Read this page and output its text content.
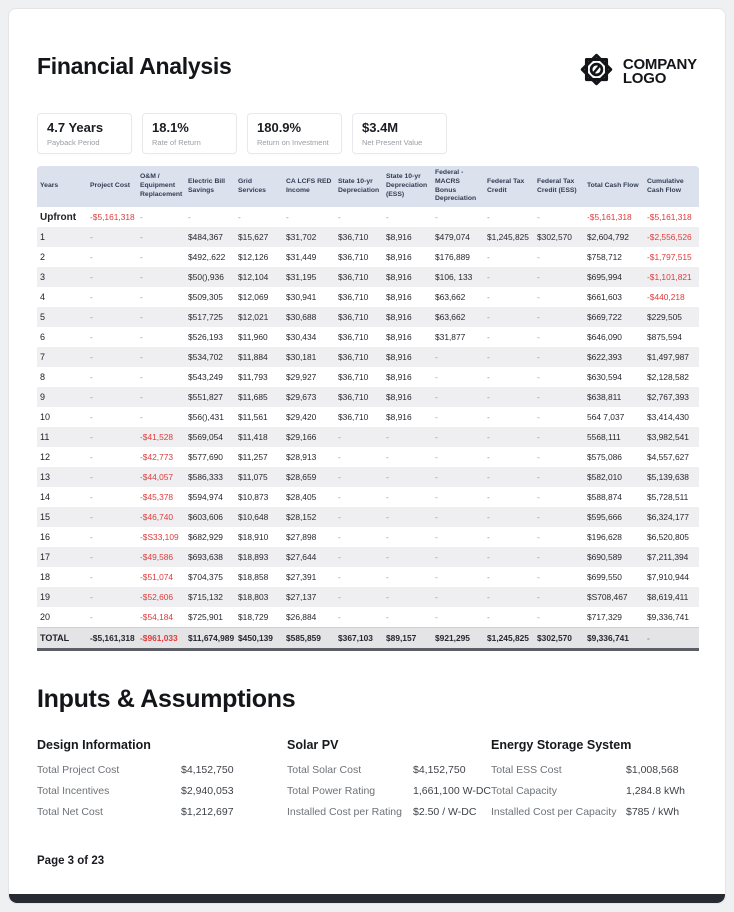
Financial Analysis	COMPANY
LOGO
4.7 Years
Payback Period
18.1%
Rate of Return
180.9%
Return on Investment
$3.4M
Net Present Value
Years	Project Cost	O&M / Equipment Replacement	Electric Bill Savings	Grid Services	CA LCFS RED Income	State 10-yr Depreciation	State 10-yr Depreciation (ESS)	Federal -MACRS Bonus Depreciation	Federal Tax Credit	Federal Tax Credit (ESS)	Total Cash Flow	Cumulative Cash Flow
Upfront	-$5,161,318	-	-	-	-	-	-	-	-	-	-$5,161,318	-$5,161,318
1	-	-	$484,367	$15,627	$31,702	$36,710	$8,916	$479,074	$1,245,825	$302,570	$2,604,792	-$2,556,526
2	-	-	$492,.622	$12,126	$31,449	$36,710	$8,916	$176,889	-	-	$758,712	-$1,797,515
3	-	-	$50(),936	$12,104	$31,195	$36,710	$8,916	$106, 133	-	-	$695,994	-$1,101,821
4	-	-	$509,305	$12,069	$30,941	$36,710	$8,916	$63,662	-	-	$661,603	-$440,218
5	-	-	$517,725	$12,021	$30,688	$36,710	$8,916	$63,662	-	-	$669,722	$229,505
6	-	-	$526,193	$11,960	$30,434	$36,710	$8,916	$31,877	-	-	$646,090	$875,594
7	-	-	$534,702	$11,884	$30,181	$36,710	$8,916	-	-	-	$622,393	$1,497,987
8	-	-	$543,249	$11,793	$29,927	$36,710	$8,916	-	-	-	$630,594	$2,128,582
9	-	-	$551,827	$11,685	$29,673	$36,710	$8,916	-	-	-	$638,811	$2,767,393
10	-	-	$56(),431	$11,561	$29,420	$36,710	$8,916	-	-	-	564 7,037	$3,414,430
11	-	-$41,528	$569,054	$11,418	$29,166	-	-	-	-	-	5568,111	$3,982,541
12	-	-$42,773	$577,690	$11,257	$28,913	-	-	-	-	-	$575,086	$4,557,627
13	-	-$44,057	$586,333	$11,075	$28,659	-	-	-	-	-	$582,010	$5,139,638
14	-	-$45,378	$594,974	$10,873	$28,405	-	-	-	-	-	$588,874	$5,728,511
15	-	-$46,740	$603,606	$10,648	$28,152	-	-	-	-	-	$595,666	$6,324,177
16	-	-$S33,109	$682,929	$18,910	$27,898	-	-	-	-	-	$196,628	$6,520,805
17	-	-$49,586	$693,638	$18,893	$27,644	-	-	-	-	-	$690,589	$7,211,394
18	-	-$51,074	$704,375	$18,858	$27,391	-	-	-	-	-	$699,550	$7,910,944
19	-	-$52,606	$715,132	$18,803	$27,137	-	-	-	-	-	$S708,467	$8,619,411
20	-	-$54,184	$725,901	$18,729	$26,884	-	-	-	-	-	$717,329	$9,336,741
TOTAL	-$5,161,318	-$961,033	$11,674,989	$450,139	$585,859	$367,103	$89,157	$921,295	$1,245,825	$302,570	$9,336,741	-
Inputs & Assumptions
Design Information
Total Project Cost	$4,152,750
Total Incentives	$2,940,053
Total Net Cost	$1,212,697
Solar PV
Total Solar Cost	$4,152,750
Total Power Rating	1,661,100 W-DC
Installed Cost per Rating	$2.50 / W-DC
Energy Storage System
Total ESS Cost	$1,008,568
Total Capacity	1,284.8 kWh
Installed Cost per Capacity $785 / kWh
Page 3 of 23
